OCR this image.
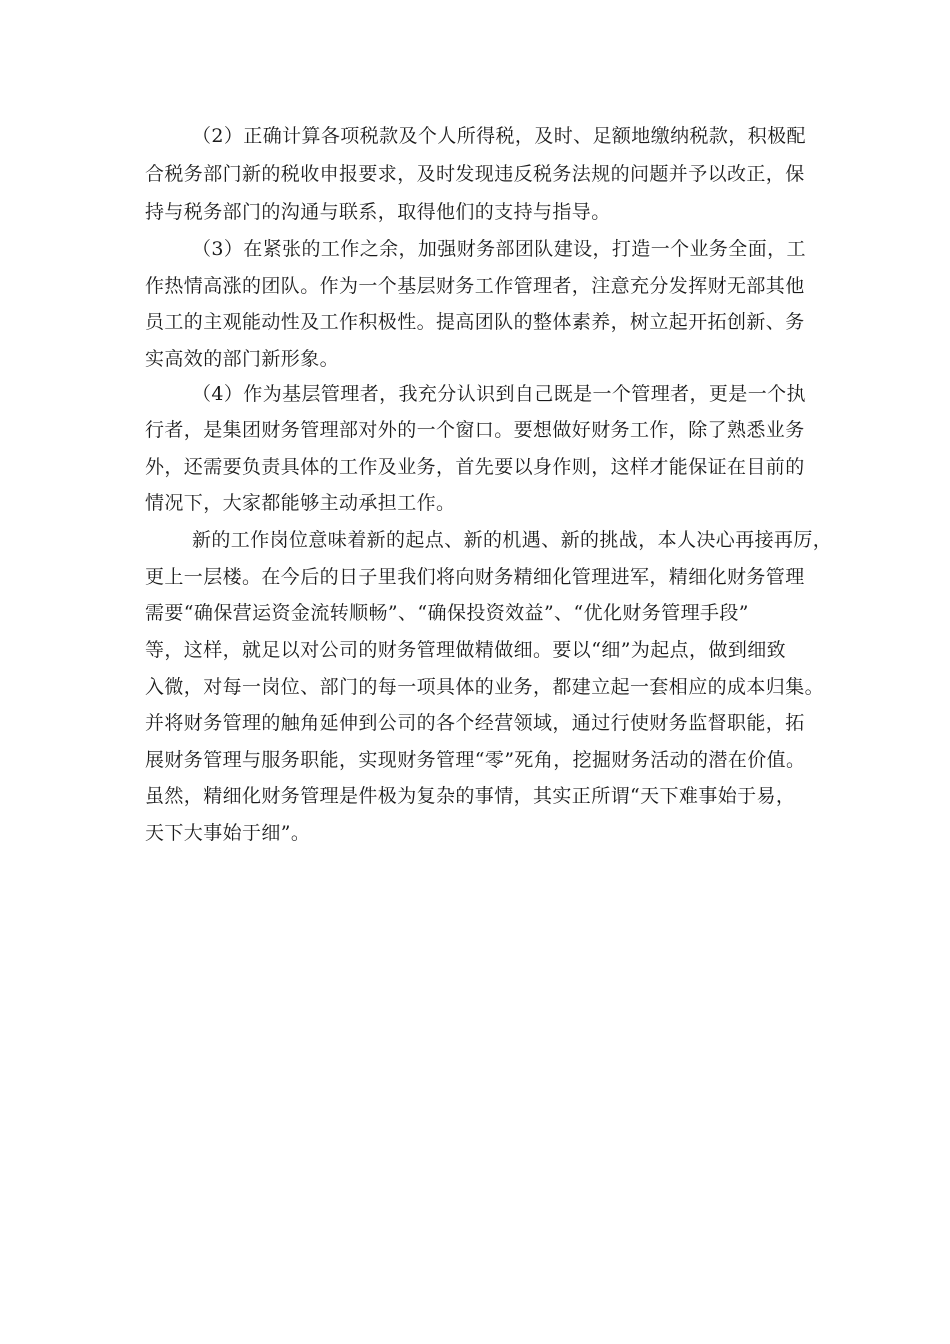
（2）正确计算各项税款及个人所得税，及时、足额地缴纳税款，积极配
合税务部门新的税收申报要求，及时发现违反税务法规的问题并予以改正，保
持与税务部门的沟通与联系，取得他们的支持与指导。
（3）在紧张的工作之余，加强财务部团队建设，打造一个业务全面，工
作热情高涨的团队。作为一个基层财务工作管理者，注意充分发挥财无部其他
员工的主观能动性及工作积极性。提高团队的整体素养，树立起开拓创新、务
实高效的部门新形象。
（4）作为基层管理者，我充分认识到自己既是一个管理者，更是一个执
行者，是集团财务管理部对外的一个窗口。要想做好财务工作，除了熟悉业务
外，还需要负责具体的工作及业务，首先要以身作则，这样才能保证在目前的
情况下，大家都能够主动承担工作。
新的工作岗位意味着新的起点、新的机遇、新的挑战，本人决心再接再厉，
更上一层楼。在今后的日子里我们将向财务精细化管理进军，精细化财务管理
需要“确保营运资金流转顺畅”、“确保投资效益”、“优化财务管理手段”
等，这样，就足以对公司的财务管理做精做细。要以“细”为起点，做到细致
入微，对每一岗位、部门的每一项具体的业务，都建立起一套相应的成本归集。
并将财务管理的触角延伸到公司的各个经营领域，通过行使财务监督职能，拓
展财务管理与服务职能，实现财务管理“零”死角，挖掘财务活动的潜在价值。
虽然，精细化财务管理是件极为复杂的事情，其实正所谓“天下难事始于易，
天下大事始于细”。
